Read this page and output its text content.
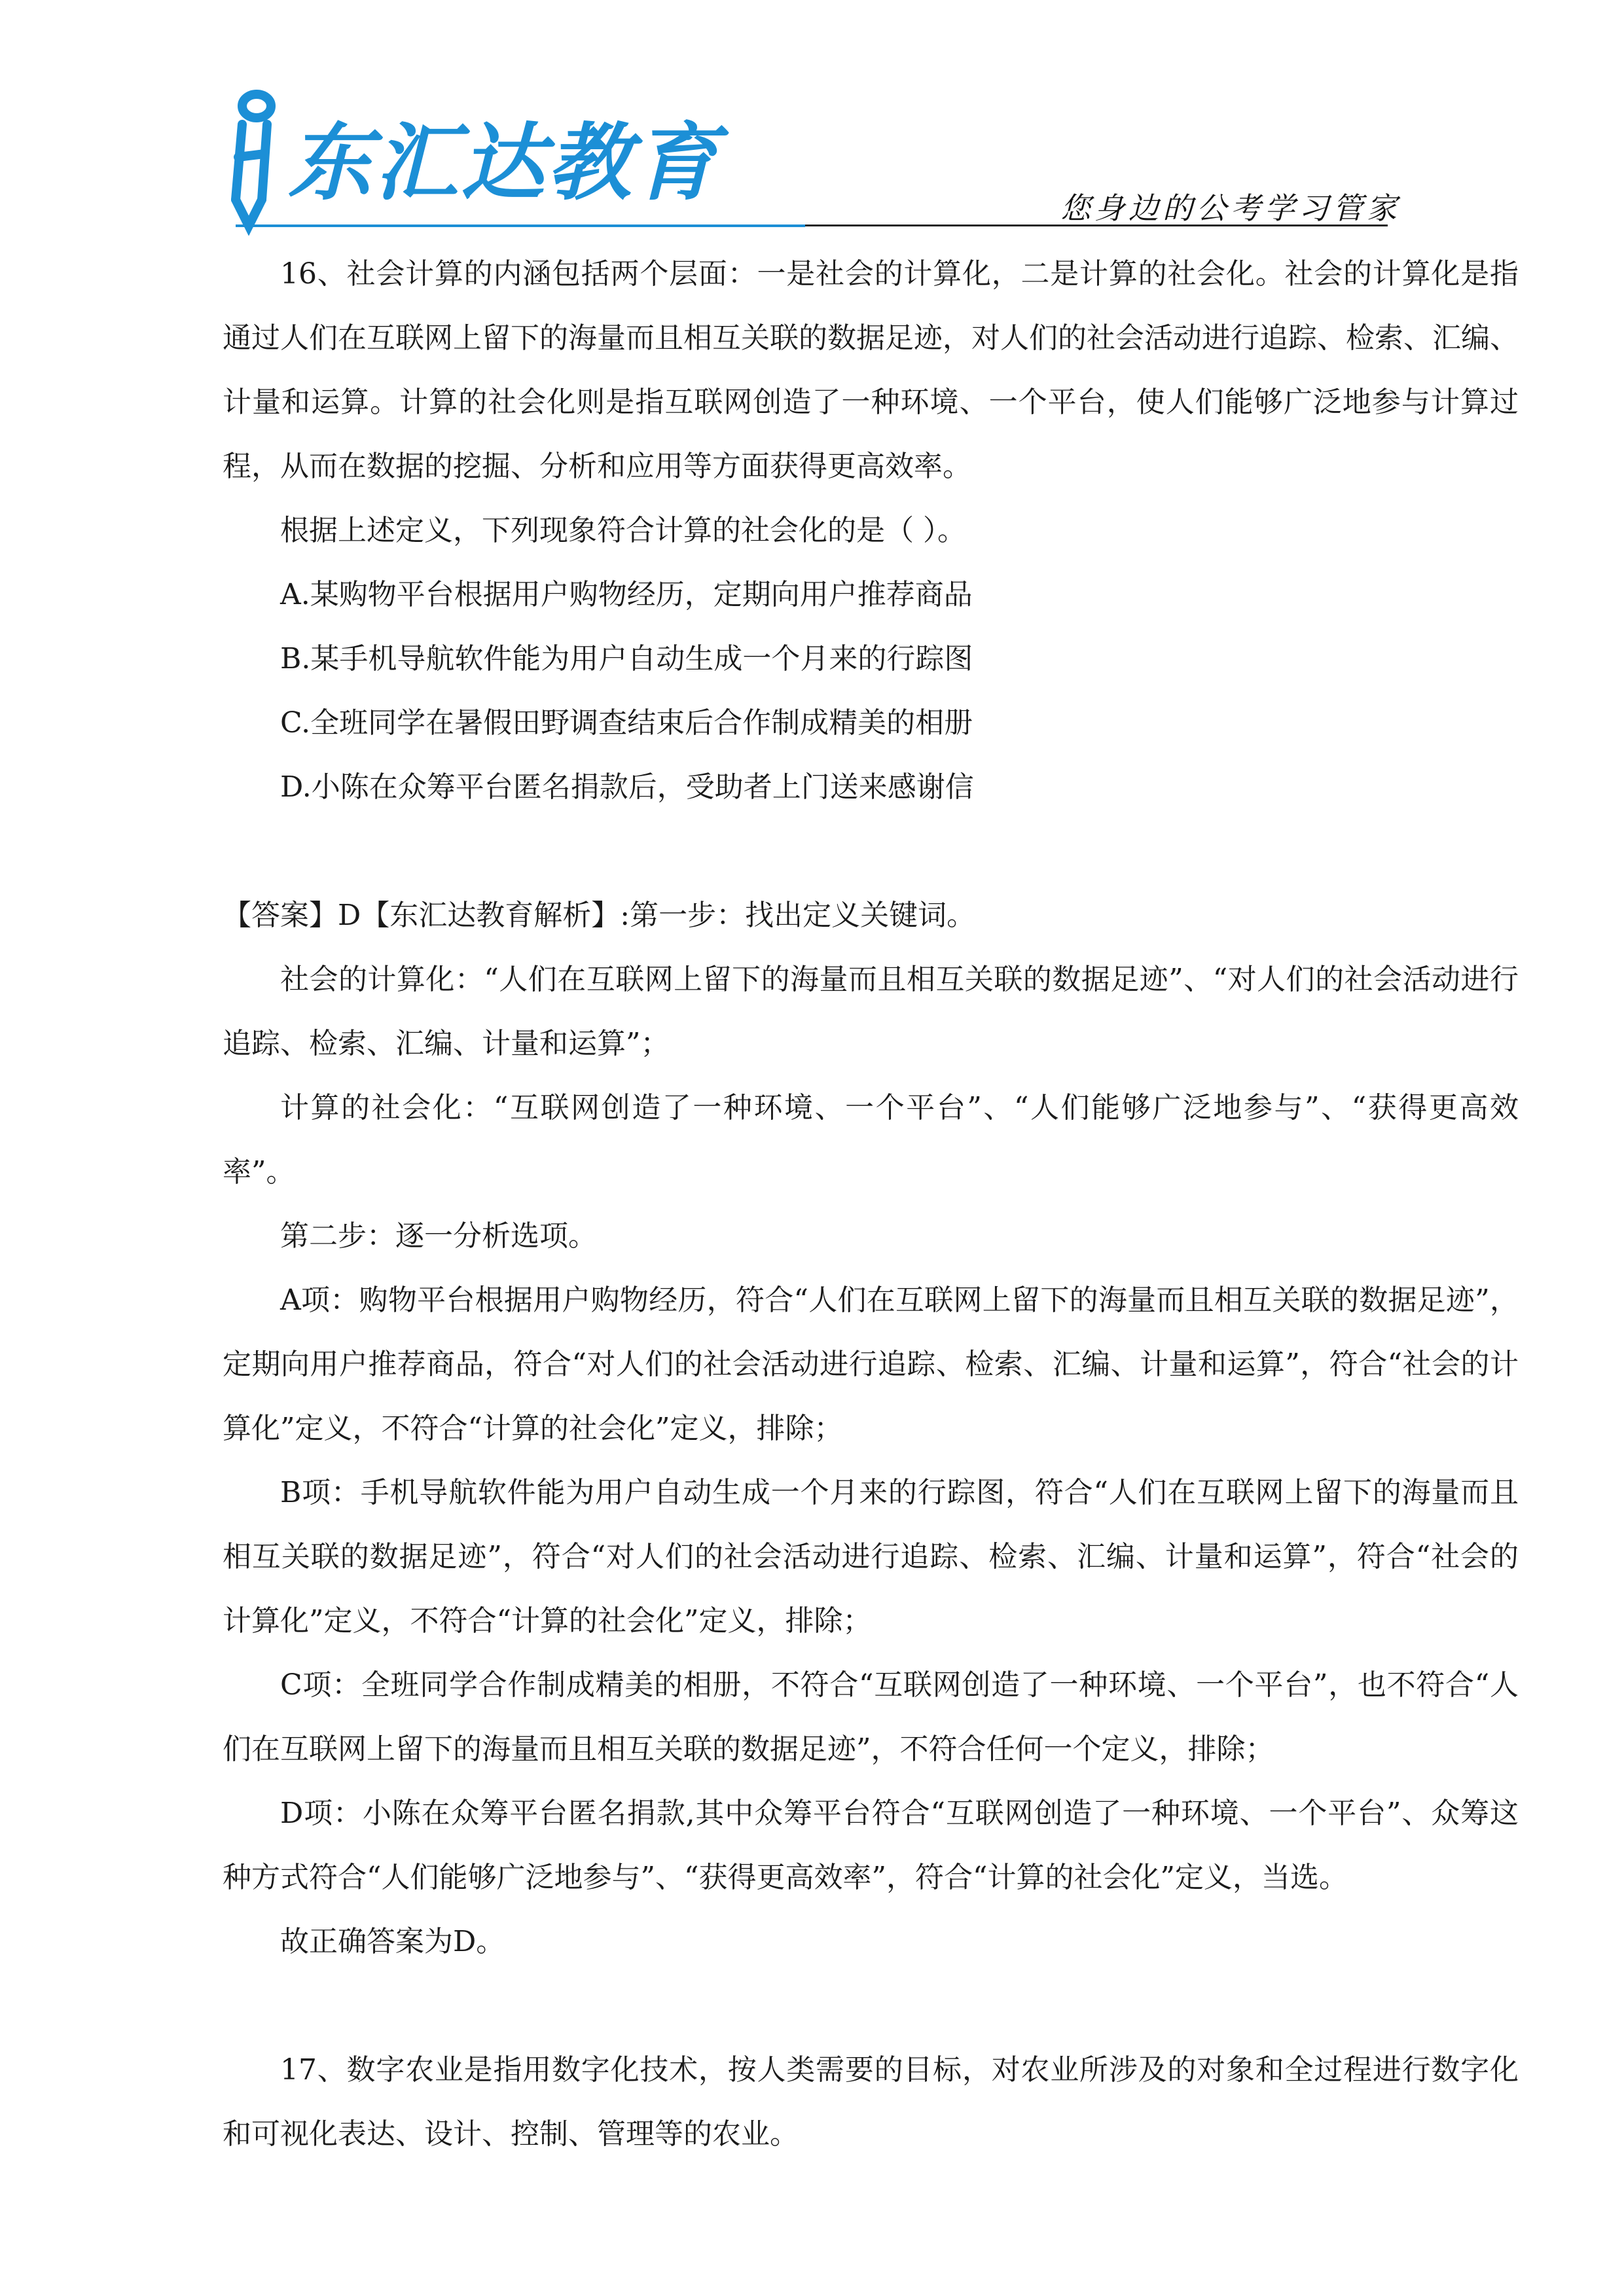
东汇达教育	您身边的公考学习管家

16、社会计算的内涵包括两个层面：一是社会的计算化，二是计算的社会化。社会的计算化是指通过人们在互联网上留下的海量而且相互关联的数据足迹，对人们的社会活动进行追踪、检索、汇编、计量和运算。计算的社会化则是指互联网创造了一种环境、一个平台，使人们能够广泛地参与计算过程，从而在数据的挖掘、分析和应用等方面获得更高效率。

根据上述定义，下列现象符合计算的社会化的是（ ）。

A.某购物平台根据用户购物经历，定期向用户推荐商品

B.某手机导航软件能为用户自动生成一个月来的行踪图

C.全班同学在暑假田野调查结束后合作制成精美的相册

D.小陈在众筹平台匿名捐款后，受助者上门送来感谢信

【答案】D【东汇达教育解析】:第一步：找出定义关键词。

社会的计算化：“人们在互联网上留下的海量而且相互关联的数据足迹”、“对人们的社会活动进行追踪、检索、汇编、计量和运算”；

计算的社会化：“互联网创造了一种环境、一个平台”、“人们能够广泛地参与”、“获得更高效率”。

第二步：逐一分析选项。

A项：购物平台根据用户购物经历，符合“人们在互联网上留下的海量而且相互关联的数据足迹”，定期向用户推荐商品，符合“对人们的社会活动进行追踪、检索、汇编、计量和运算”，符合“社会的计算化”定义，不符合“计算的社会化”定义，排除；

B项：手机导航软件能为用户自动生成一个月来的行踪图，符合“人们在互联网上留下的海量而且相互关联的数据足迹”，符合“对人们的社会活动进行追踪、检索、汇编、计量和运算”，符合“社会的计算化”定义，不符合“计算的社会化”定义，排除；

C项：全班同学合作制成精美的相册，不符合“互联网创造了一种环境、一个平台”，也不符合“人们在互联网上留下的海量而且相互关联的数据足迹”，不符合任何一个定义，排除；

D项：小陈在众筹平台匿名捐款,其中众筹平台符合“互联网创造了一种环境、一个平台”、众筹这种方式符合“人们能够广泛地参与”、“获得更高效率”，符合“计算的社会化”定义，当选。

故正确答案为D。

17、数字农业是指用数字化技术，按人类需要的目标，对农业所涉及的对象和全过程进行数字化和可视化表达、设计、控制、管理等的农业。
